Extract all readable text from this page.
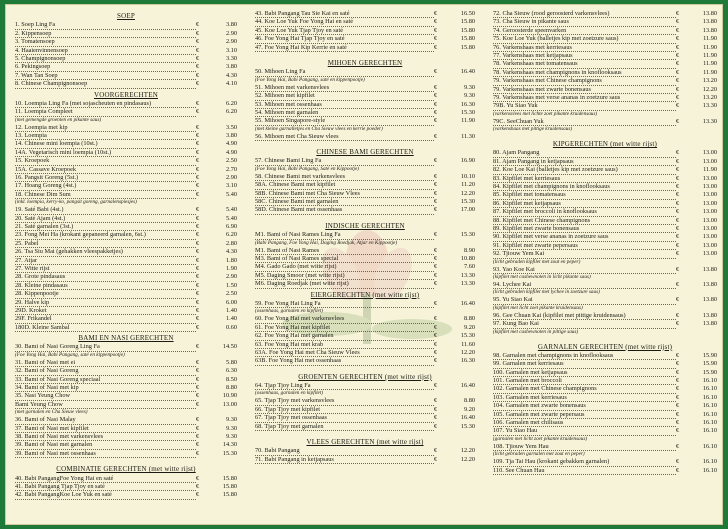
SOEP
1. Soep Ling Fa	€	3.80
2. Kippensoep	€	2.90
3. Tomatensoep	€	2.90
4. Haaienvinnensoep	€	3.10
5. Champignonsoep	€	3.30
6. Pekingsoep	€	3.80
7. Wan Tan Soep	€	4.30
8. Chinese Champignonsoep	€	4.10
VOORGERECHTEN
10. Loempia Ling Fa (met sojascheuten en pindasaus)	€	6.20
11. Loempia Compleet	€	6.20
(met gemengde groenten en pikante saus)
12. Loempia met kip	€	3.50
13. Loempia	€	3.80
14. Chinese mini loempia (10st.)	€	4.90
14A. Vegetarisch mini loempia (10st.)	€	4.90
15. Kroepoek	€	2.50
15A. Cassave Kroepoek	€	2.70
16. Pangsit Goreng (5st.)	€	2.90
17. Hoang Goreng (4st.)	€	3.10
18. Chinese Dim Sum	€	5.40
(inkl. loempia, kerry-ko, pangsit goreng, garnalenspiesjes)
19. Saté Babi (4st.)	€	5.40
20. Saté Ajam (4st.)	€	5.40
21. Saté garnalen (3st.)	€	6.90
23. Fong Mei Ha (krokant gepaneerd garnalen, 6st.)	€	6.20
25. Pabel	€	2.80
26. Tsa Siu Mai (gehakken vleespakketjes)	€	4.30
27. Atjar	€	1.80
27. Witte rijst	€	1.90
28. Grote pindasaus	€	2.90
28. Kleine pindasaus	€	1.50
28. Kippenpootje	€	2.50
29. Halve kip	€	6.00
29D. Kroket	€	1.40
29F. Frikandel	€	1.40
180D. Kleine Sambal	€	0.60
BAMI EN NASI GERECHTEN
30. Bami of Nasi Goreng Ling Fa	€	14.50
(Foe Yong Hai, Babi Pangang, saté en kippenpootje)
31. Bami of Nasi met ei	€	5.80
32. Bami of Nasi Goreng	€	6.30
33. Bami of Nasi Goreng speciaal	€	8.50
34. Bami of Nasi met kip	€	8.80
35. Nasi Yeung Chow	€	10.90
Bami Yeung Chow	€	13.00
(met garnalen en Cha Sieuw vlees)
36. Bami of Nasi Malay	€	9.30
37. Bami of Nasi met kipfilet	€	9.30
38. Bami of Nasi met varkensvlees	€	9.30
39. Bami of Nasi met garnalen	€	14.30
39. Bami of Nasi met ossenhaas	€	15.30
COMBINATIE GERECHTEN (met witte rijst)
40. Babi PangangFoe Yong Hai en saté	€	15.80
41. Babi Pangang Tjap Tjoy en saté	€	15.80
42. Babi PangangKoe Loe Yuk en saté	€	15.80
43. Babi Pangang Tau Sie Kai en saté	€	16.50
44. Koe Loe Yuk Foe Yong Hai en saté	€	15.80
45. Koe Loe Yuk Tjap Tjoy en saté	€	15.80
46. Foe Yong Hai Tjap Tjoy en saté	€	15.80
47. Foe Yong Hai Kip Kerrie en saté	€	15.80
MIHOEN GERECHTEN
50. Mihoen Ling Fa	€	16.40
(Foe Yong Hai, Babi Pangang, saté en kippenpootje)
51. Mihoen met varkensvlees	€	9.30
52. Mihoen met kipfilet	€	9.30
53. Mihoen met ossenhaas	€	16.30
54. Mihoen met garnalen	€	15.30
55. Mihoen Singapore-style	€	11.90
(met kleine garnalletjes en Cha Sieuw vlees en kerrie poeder)
56. Mihoen met Cha Sieuw vlees	€	11.30
CHINESE BAMI GERECHTEN
57. Chinese Bami Ling Fa	€	16.90
(Foe Yong Hai, Babi Pangang, Saté en Kippootje)
58. Chinese Bami met varkensvlees	€	10.10
58A. Chinese Bami met kipfilet	€	11.20
58B. Chinese Bami met Cha Sieuw Vlees	€	12.20
58C. Chinese Bami met garnalen	€	15.30
58D. Chinese Bami met ossenhaas	€	17.00
INDISCHE GERECHTEN
M1. Bami of Nasi Rames Ling Fa	€	15.30
(Babi Pangang, Foe Yong Hai, Daging Roedjak, Atjar en Kippootje)
M1. Bami of Nasi Rames	€	8.90
M3. Bami of Nasi Rames special	€	10.80
M4. Gado Gado (met witte rijst)	€	7.60
M5. Daging Smoor (met witte rijst)	€	13.30
M6. Daging Roedjak (met witte rijst)	€	13.30
EIERGERECHTEN (met witte rijst)
59. Foe Yong Hai Ling Fa	€	16.40
(ossenhaas, garnalen en kipfilet)
60. Foe Yong Hai met varkensvlees	€	8.80
61. Foe Yong Hai met kipfilet	€	9.20
62. Foe Yong Hai met garnalen	€	15.30
63. Foe Yong Hai met krab	€	11.60
63A. Foe Yong Hai met Cha Sieuw Vlees	€	12.20
63B. Foe Yong Hai met ossenhaas	€	16.30
GROENTEN GERECHTEN (met witte rijst)
64. Tjap Tjoy Ling Fa	€	16.40
(ossenhaas, garnalen en kipfilet)
65. Tjap Tjoy met varkensvlees	€	8.80
66. Tjap Tjoy met kipfilet	€	9.20
67. Tjap Tjoy met ossenhaas	€	16.40
68. Tjap Tjoy met garnalen	€	15.30
VLEES GERECHTEN (met witte rijst)
70. Babi Pangang	€	12.20
71. Babi Pangang in ketjapsaus	€	12.20
72. Cha Sieuw (rood geroosterd varkensvlees)	€	13.80
73. Cha Sieuw in pikante saus	€	13.80
74. Geroosterde speenvarken	€	13.80
75. Koe Loe Yuk (balletjes kip met zoetzure saus)	€	11.90
76. Varkenshaas met kerriesaus	€	11.90
77. Varkenshaas met ketjapsaus	€	11.90
78. Varkenshaas met tomatensaus	€	11.90
78. Varkenshaas met champignons in knoflooksaus	€	11.90
79. Varkenshaas met Chinese champignons	€	13.20
79. Varkenshaas met zwarte bonensaus	€	12.20
79. Varkenshaas met verse ananas in zoetzure saus	€	13.20
79B. Yu Siao Yuk	€	13.30
(varkensvlees met lichte zoet pikante kruidensaus)
79C. SeeChuan Yuk	€	13.30
(varkenshaas met pittige kruidensaus)
KIPGERECHTEN (met witte rijst)
80. Ajam Pangang	€	13.00
81. Ajam Pangang in ketjapsaus	€	13.00
82. Koe Loe Kai (balletjes kip met zoetzure saus)	€	11.90
83. Kipfilet met kerriesaus	€	13.00
84. Kipfilet met champignons in knoflooksaus	€	13.00
85. Kipfilet met tomatensaus	€	13.00
86. Kipfilet met ketjapsaus	€	13.00
87. Kipfilet met broccoli in knoflooksaus	€	13.00
88. Kipfilet met Chinese champignons	€	13.00
89. Kipfilet met zwarte bonensaus	€	13.00
90. Kipfilet met verse ananas in zoetzure saus	€	13.00
91. Kipfilet met zwarte pepersaus	€	13.00
92. Tjiouw Yem Kai	€	13.00
(licht gebraden kipfilet met zout en peper)
93. Yao Koe Kai	€	13.80
(kipfilet met cashewnoten in licht pikante saus)
94. Lychee Kai	€	13.80
(licht gebraden kipfilet met lychee in zoetzure saus)
95. Yu Siao Kai	€	13.80
(kipfilet met licht zoet pikante kruidensaus)
96. Gee Chuan Kai (kipfilet met pittige kruidensaus)	€	13.80
97. Kung Bao Kai	€	13.80
(kipfilet met cashewnoten in pittige saus)
GARNALEN GERECHTEN (met witte rijst)
98. Garnalen met champignons in knoflooksaus	€	15.90
99. Garnalen met kerriesaus	€	15.90
100. Garnalen met ketjapsaus	€	15.90
101. Garnalen met broccoli	€	16.10
102. Garnalen met Chinese champignons	€	16.10
103. Garnalen met kerriesaus	€	16.10
104. Garnalen met zwarte bonensaus	€	16.10
105. Garnalen met zwarte pepersaus	€	16.10
106. Garnalen met chilisaus	€	16.10
107. Yu Siao Hau	€	16.10
(garnalen met licht zoet pikante kruidensaus)
108. Tjiouw Yem Hau	€	16.10
(licht gebraden garnalen met zout en peper)
109. Tja Tai Hau (krokant gebakken garnalen)	€	16.10
110. See Chuan Hau	€	16.10
